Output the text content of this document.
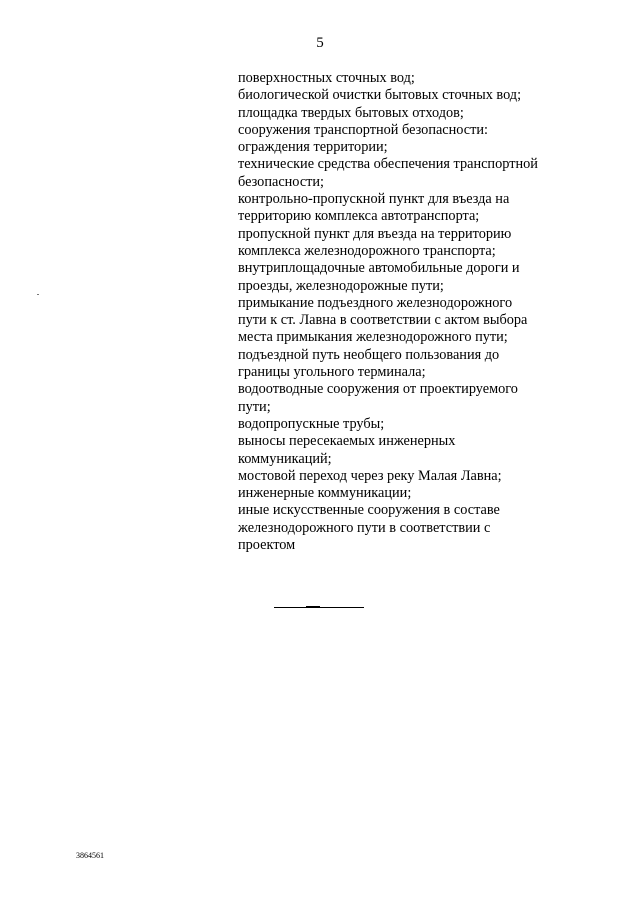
5
поверхностных сточных вод;
биологической очистки бытовых сточных вод;
площадка твердых бытовых отходов;
сооружения транспортной безопасности:
ограждения территории;
технические средства обеспечения транспортной
безопасности;
контрольно-пропускной пункт для въезда на
территорию комплекса автотранспорта;
пропускной пункт для въезда на территорию
комплекса железнодорожного транспорта;
внутриплощадочные автомобильные дороги и
проезды, железнодорожные пути;
примыкание подъездного железнодорожного
пути к ст. Лавна в соответствии с актом выбора
места примыкания железнодорожного пути;
подъездной путь необщего пользования до
границы угольного терминала;
водоотводные сооружения от проектируемого
пути;
водопропускные трубы;
выносы пересекаемых инженерных
коммуникаций;
мостовой переход через реку Малая Лавна;
инженерные коммуникации;
иные искусственные сооружения в составе
железнодорожного пути в соответствии с
проектом
3864561
